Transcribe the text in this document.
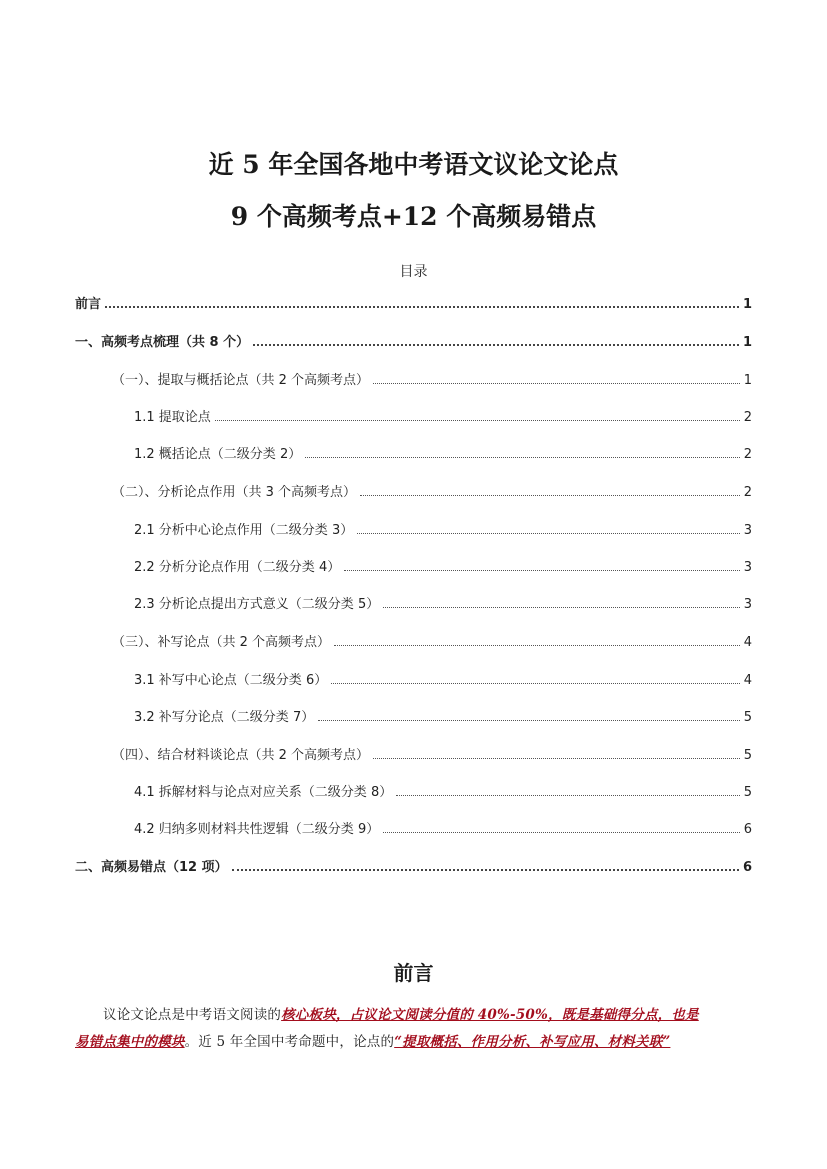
近 5 年全国各地中考语文议论文论点
9 个高频考点+12 个高频易错点
目录
前言	1
一、高频考点梳理（共 8 个）	1
（一）、提取与概括论点（共 2 个高频考点）	1
1.1 提取论点	2
1.2 概括论点（二级分类 2）	2
（二）、分析论点作用（共 3 个高频考点）	2
2.1 分析中心论点作用（二级分类 3）	3
2.2 分析分论点作用（二级分类 4）	3
2.3 分析论点提出方式意义（二级分类 5）	3
（三）、补写论点（共 2 个高频考点）	4
3.1 补写中心论点（二级分类 6）	4
3.2 补写分论点（二级分类 7）	5
（四）、结合材料谈论点（共 2 个高频考点）	5
4.1 拆解材料与论点对应关系（二级分类 8）	5
4.2 归纳多则材料共性逻辑（二级分类 9）	6
二、高频易错点（12 项）	6
前言
议论文论点是中考语文阅读的核心板块，占议论文阅读分值的 40%-50%，既是基础得分点，也是
易错点集中的模块。近 5 年全国中考命题中，论点的“提取概括、作用分析、补写应用、材料关联”
